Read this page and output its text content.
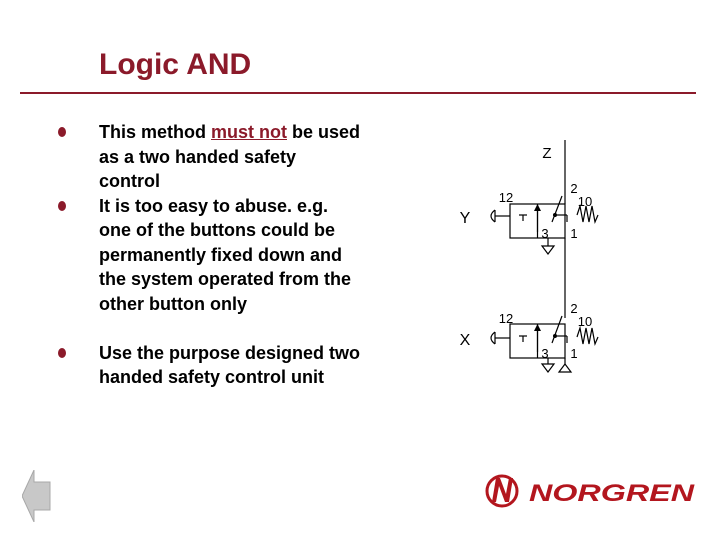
Logic AND
This method must not be used as a two handed safety control
It is too easy to abuse. e.g. one of the buttons could be permanently fixed down and the system operated from the other button only
Use the purpose designed two handed safety control unit
Z
Y
12
2
10
3 1
X
12
2
10
3 1
NORGREN
